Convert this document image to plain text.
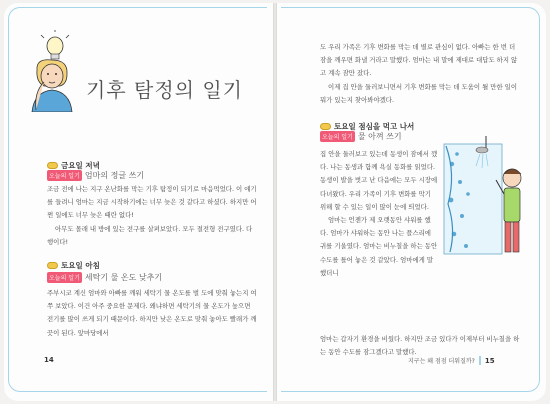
기후 탐정의 일기
금요일 저녁
오늘의 일기 엄마의 정글 쓰기

조금 전에 나는 지구 온난화를 막는 기후 탐정이 되기로 마음먹었다. 이 얘기를 들려니 엄마는 지금 시작하기에는 너무 늦은 것 같다고 하셨다. 하지만 어쩐 일에도 너무 늦은 때란 없다!

아무도 몰래 내 방에 있는 전구를 살펴보았다. 모두 절전형 전구였다. 다행이다!

토요일 아침
오늘의 일기 세탁기 물 온도 낮추기

주부시코 계신 엄마와 아빠를 깨워 세탁기 물 온도를 벌 도에 맞춰 놓는지 여쭈 보았다. 이건 아주 중요한 문제다. 왜냐하면 세탁기의 물 온도가 높으면 전기를 많이 쓰게 되기 때문이다. 하지만 낮은 온도로 맞춰 놓아도 빨래가 깨끗이 된다. 앞마당에서

14

도 우리 가족은 기후 변화를 막는 데 별로 관심이 없다. 아빠는 한 번 더 잠을 깨우면 화낼 거라고 말했다. 엄마는 내 말에 제대로 대답도 하지 않고 계속 잠만 잤다.

이제 집 안을 둘러보니면서 기후 변화를 막는 데 도움이 될 만한 일이 뭐가 있는지 찾아봐야겠다.

토요일 점심을 먹고 나서
오늘의 일기 물 아껴 쓰기

집 안을 둘러보고 있는데 동생이 잠에서 깼다. 나는 동생과 함께 욕실 동화를 읽었다. 동생이 발을 벗고 난 다음에는 모두 시장에 다녀왔다. 우리 가족이 기후 변화를 막기 위해 할 수 있는 일이 많이 눈에 띄었다.

엄마는 언젠가 제 오랫동안 샤워를 했다. 엄마가 샤워하는 동안 나는 플스리에 귀를 기울였다. 엄마는 비누칠을 하는 동안 수도를 틀어 놓은 것 같았다. 엄마에게 말했더니

엄마는 갑자기 환경을 비웠다. 하지만 조금 있다가 이제부터 비누칠을 하는 동안 수도를 잠그겠다고 말했다.

지구는 왜 점점 더워질까? 15
